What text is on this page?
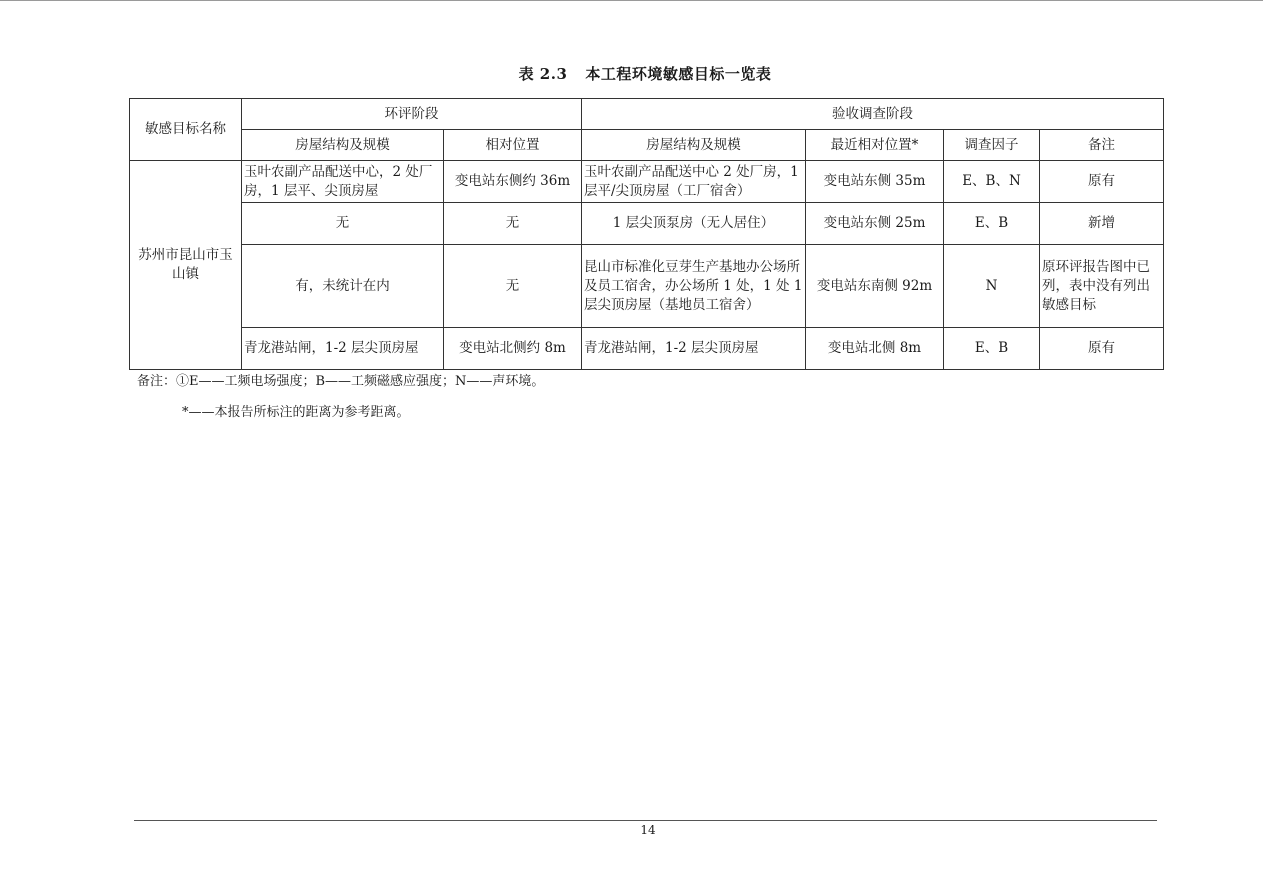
表 2.3 本工程环境敏感目标一览表
敏感目标名称	环评阶段		验收调查阶段			
	房屋结构及规模	相对位置	房屋结构及规模	最近相对位置*	调查因子	备注
苏州市昆山市玉山镇	玉叶农副产品配送中心，2 处厂房，1 层平、尖顶房屋	变电站东侧约 36m	玉叶农副产品配送中心 2 处厂房，1 层平/尖顶房屋（工厂宿舍）	变电站东侧 35m	E、B、N	原有
	无	无	1 层尖顶泵房（无人居住）	变电站东侧 25m	E、B	新增
	有，未统计在内	无	昆山市标准化豆芽生产基地办公场所及员工宿舍，办公场所 1 处，1 处 1 层尖顶房屋（基地员工宿舍）	变电站东南侧 92m	N	原环评报告图中已列，表中没有列出敏感目标
	青龙港站闸，1-2 层尖顶房屋	变电站北侧约 8m	青龙港站闸，1-2 层尖顶房屋	变电站北侧 8m	E、B	原有
备注：①E——工频电场强度；B——工频磁感应强度；N——声环境。
*——本报告所标注的距离为参考距离。
14
